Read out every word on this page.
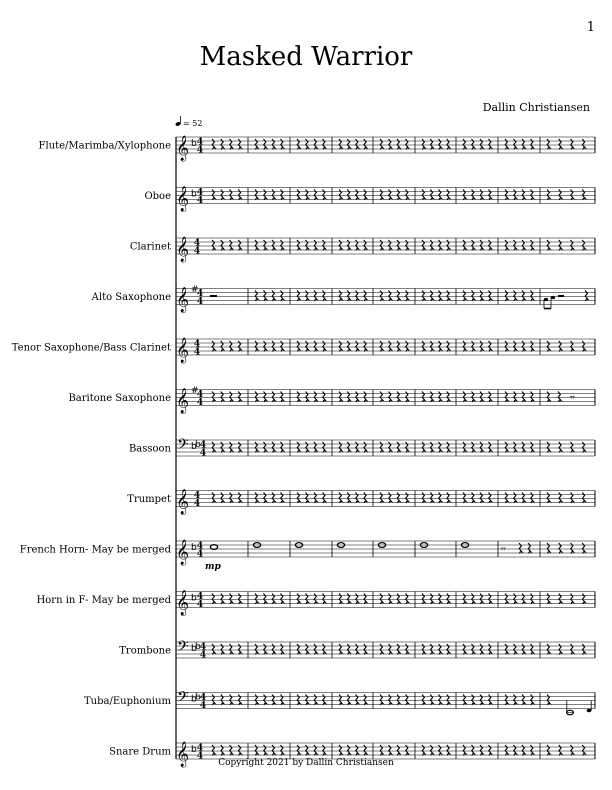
1
Masked Warrior
Dallin Christiansen
= 52
Flute/Marimba/Xylophone 𝄞 b 4
4
Oboe 𝄞 b 4
4
Clarinet 𝄞 4
4
Alto Saxophone 𝄞 #
4
4
Tenor Saxophone/Bass Clarinet 𝄞 4
4
Baritone Saxophone 𝄞 #
4
4	𝄾𝄾
Bassoon 𝄢 b
b 4
4
Trumpet 𝄞 4
4
French Horn- May be merged 𝄞 b 4
4	𝄾𝄾
mp
Horn in F- May be merged 𝄞 b 4
4
Trombone 𝄢 b
b 4
4
Tuba/Euphonium 𝄢 b
b 4
4
Snare Drum 𝄞 b 4
4
Copyright 2021 by Dallin Christiansen
